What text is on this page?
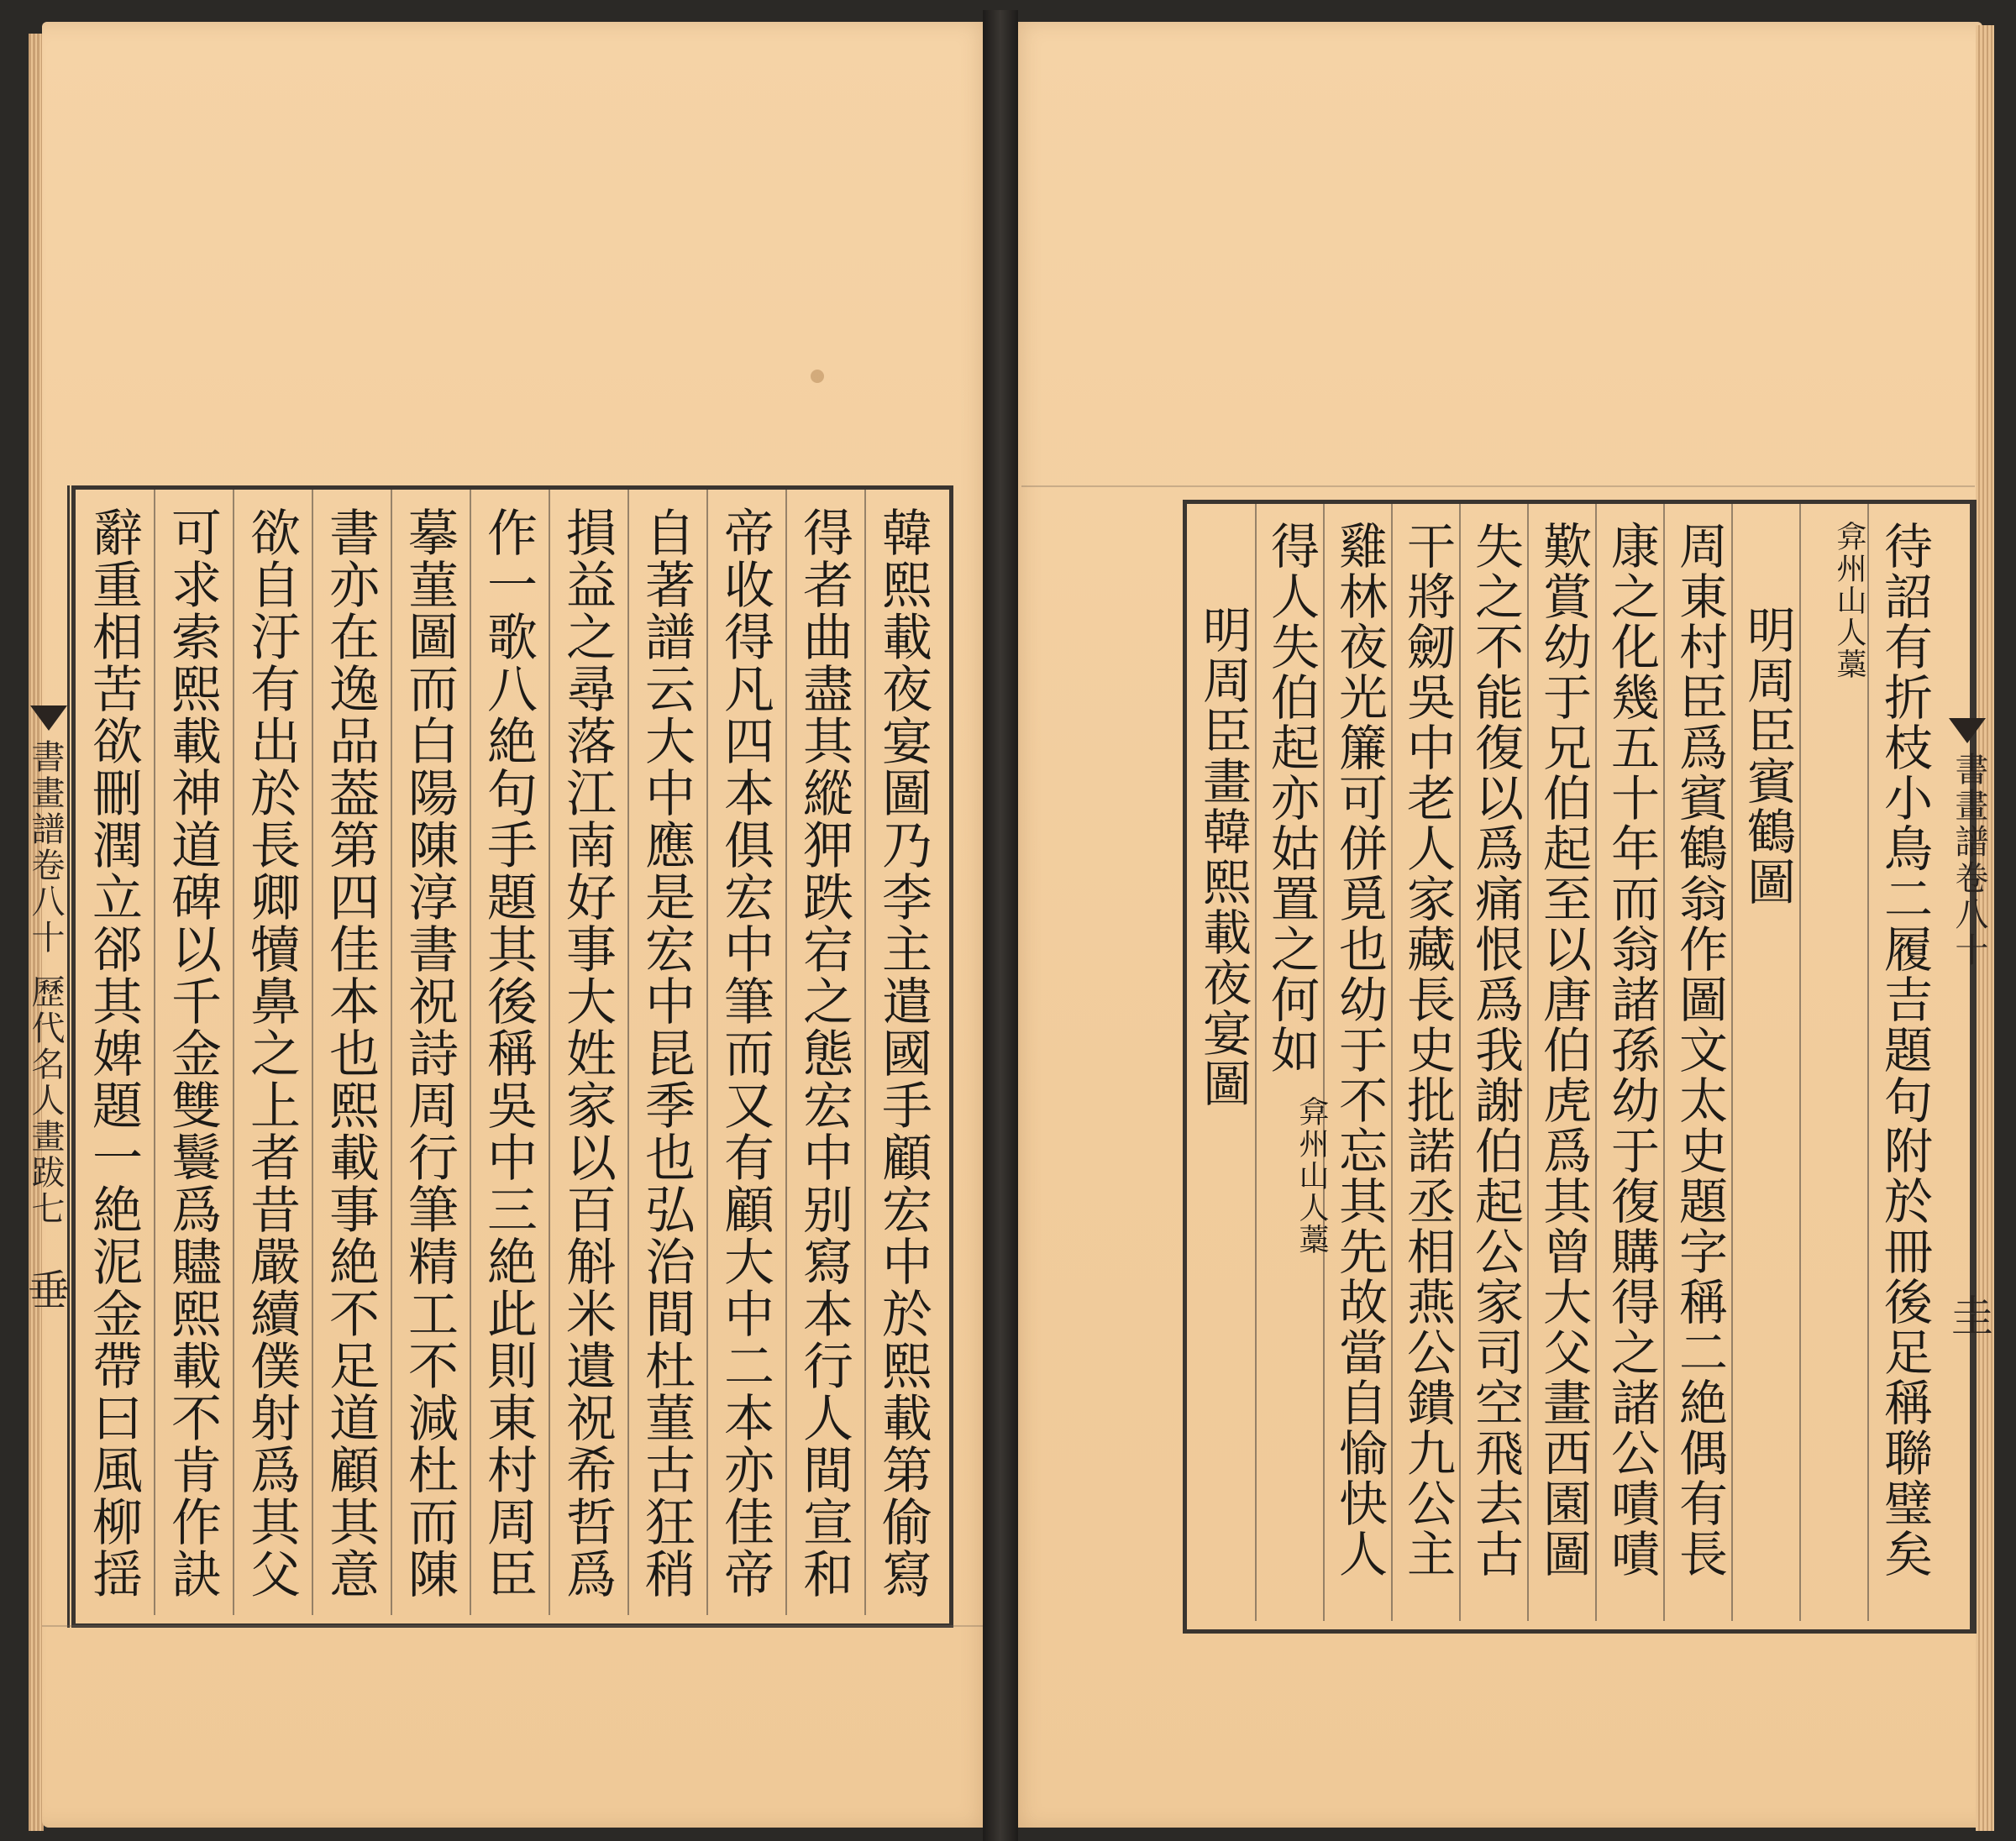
韓熙載夜宴圖乃李主遣國手顧宏中於熙載第偷寫
得者曲盡其縱狎跌宕之態宏中别寫本行人間宣和
帝收得凡四本俱宏中筆而又有顧大中二本亦佳帝
自著譜云大中應是宏中昆季也弘治間杜菫古狂稍
損益之尋落江南好事大姓家以百斛米遺祝希哲爲
作一歌八絶句手題其後稱吳中三絶此則東村周臣
摹菫圖而白陽陳淳書祝詩周行筆精工不減杜而陳
書亦在逸品葢第四佳本也熙載事絶不足道顧其意
欲自汙有出於長卿犢鼻之上者昔嚴續僕射爲其父
可求索熙載神道碑以千金雙鬟爲贐熙載不肯作訣
辭重相苦欲刪潤立郤其婢題一絶泥金帶曰風柳揺
書畫譜卷八十
歷代名人畫跋七
垂	待詔有折枝小鳥二履吉題句附於冊後足稱聯璧矣
弇州山人藁
明周臣賓鶴圖
周東村臣爲賓鶴翁作圖文太史題字稱二絶偶有長
康之化幾五十年而翁諸孫幼于復購得之諸公嘖嘖
歎賞幼于兄伯起至以唐伯虎爲其曾大父畫西園圖
失之不能復以爲痛恨爲我謝伯起公家司空飛去古
干將劒吳中老人家藏長史批諾丞相燕公鐀九公主
雞林夜光簾可併覓也幼于不忘其先故當自愉快人
得人失伯起亦姑置之何如
弇州山人藁
明周臣畫韓熙載夜宴圖	書畫譜卷八十
圭
